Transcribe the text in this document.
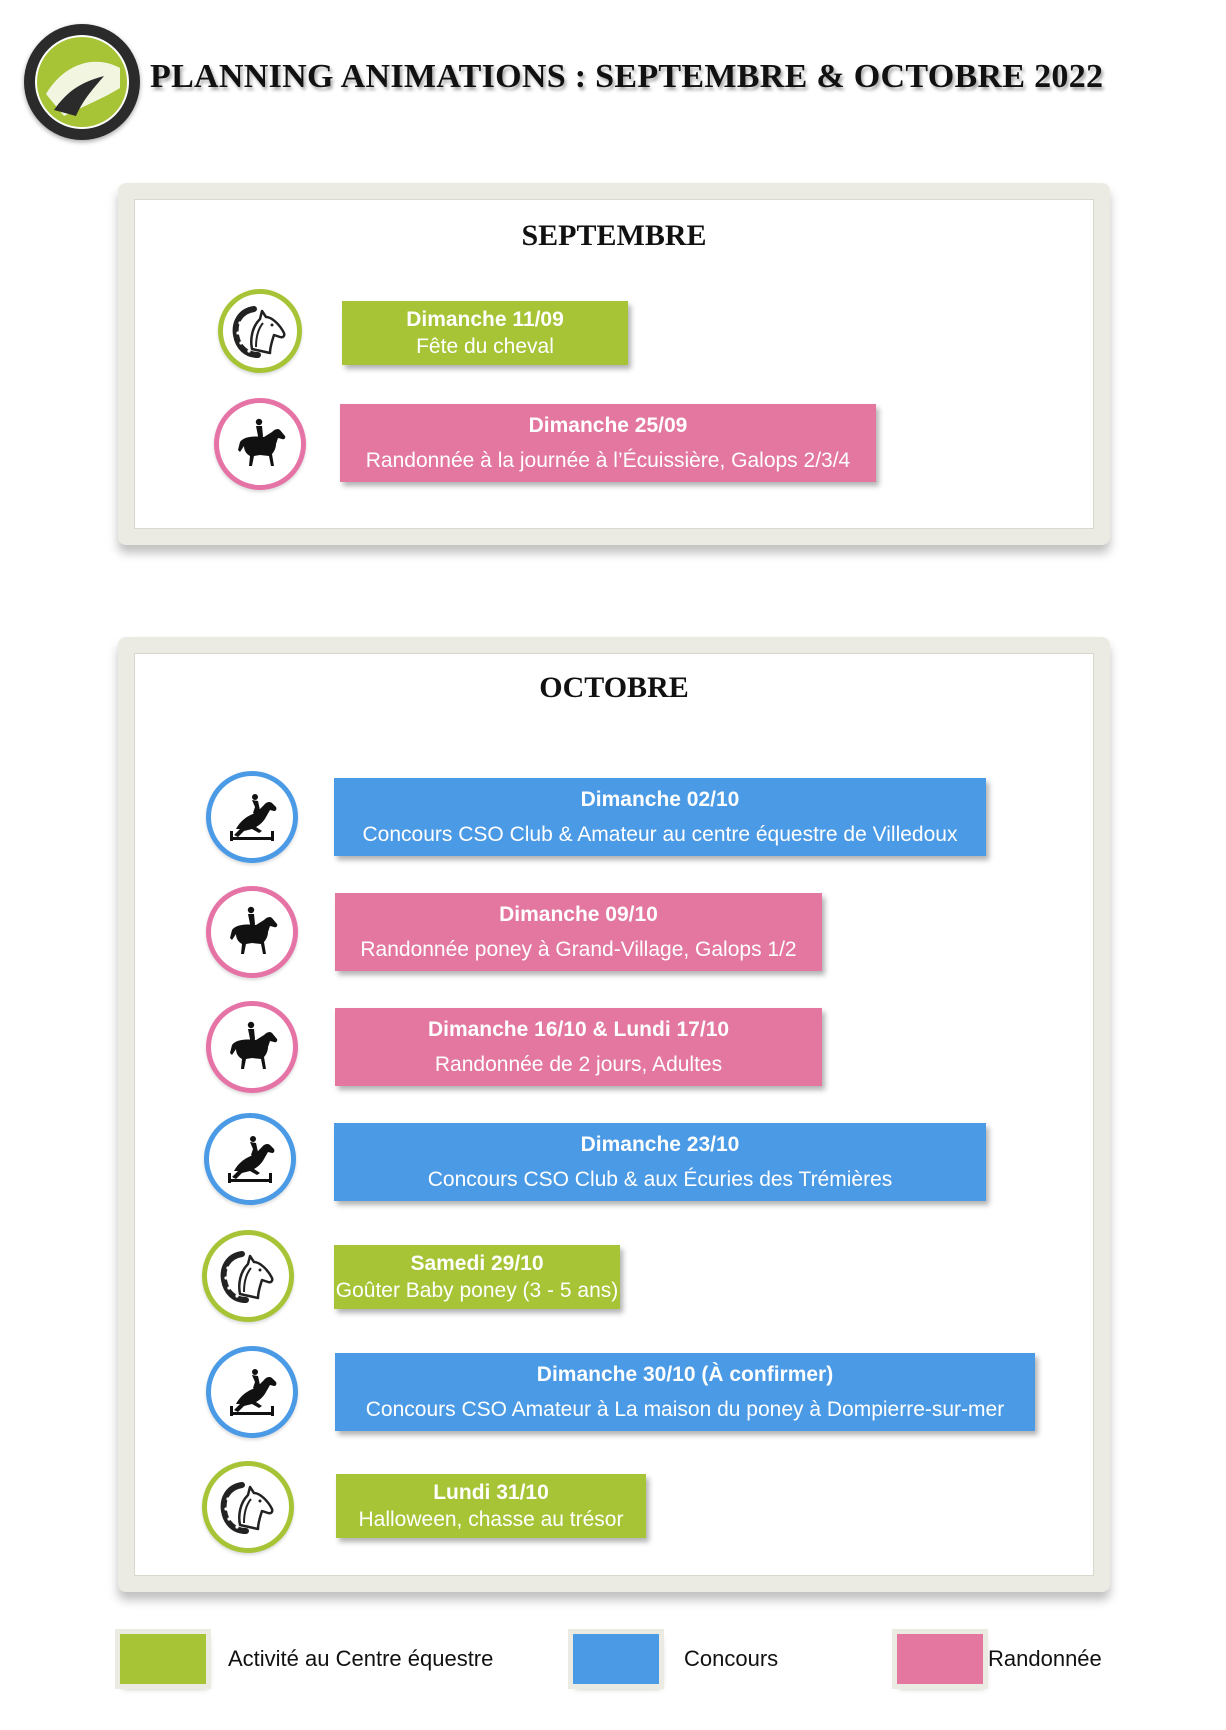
PLANNING ANIMATIONS : SEPTEMBRE & OCTOBRE 2022
SEPTEMBRE
Dimanche 11/09
Fête du cheval
Dimanche 25/09
Randonnée à la journée à l’Écuissière, Galops 2/3/4
OCTOBRE
Dimanche 02/10
Concours CSO Club & Amateur au centre équestre de Villedoux
Dimanche 09/10
Randonnée poney à Grand-Village, Galops 1/2
Dimanche 16/10 & Lundi 17/10
Randonnée de 2 jours, Adultes
Dimanche 23/10
Concours CSO Club & aux Écuries des Trémières
Samedi 29/10
Goûter Baby poney (3 - 5 ans)
Dimanche 30/10 (À confirmer)
Concours CSO Amateur à La maison du poney à Dompierre-sur-mer
Lundi 31/10
Halloween, chasse au trésor
Activité au Centre équestre	Concours	Randonnée
